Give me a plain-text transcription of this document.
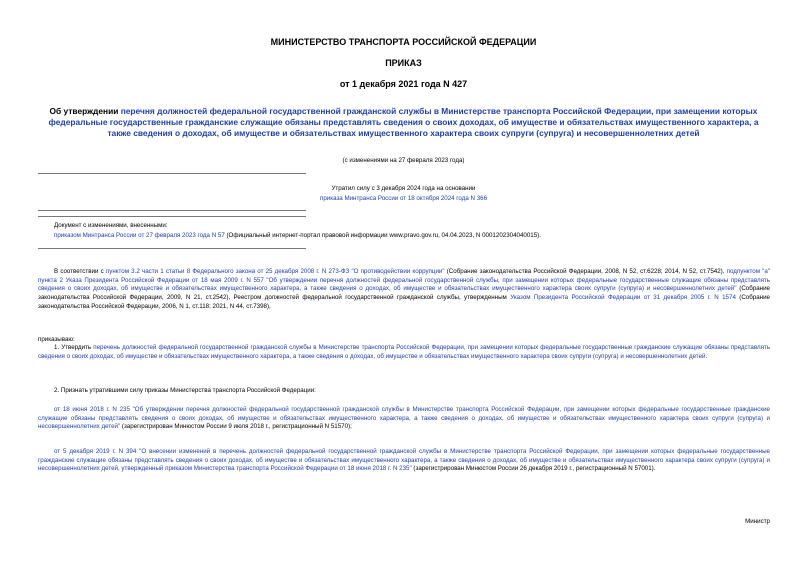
МИНИСТЕРСТВО ТРАНСПОРТА РОССИЙСКОЙ ФЕДЕРАЦИИ
ПРИКАЗ
от 1 декабря 2021 года N 427
Об утверждении перечня должностей федеральной государственной гражданской службы в Министерстве транспорта Российской Федерации, при замещении которых федеральные государственные гражданские служащие обязаны представлять сведения о своих доходах, об имуществе и обязательствах имущественного характера, а также сведения о доходах, об имуществе и обязательствах имущественного характера своих супруги (супруга) и несовершеннолетних детей
(с изменениями на 27 февраля 2023 года)
Утратил силу с 3 декабря 2024 года на основании
приказа Минтранса России от 18 октября 2024 года N 366
Документ с изменениями, внесенными:
приказом Минтранса России от 27 февраля 2023 года N 57 (Официальный интернет-портал правовой информации www.pravo.gov.ru, 04.04.2023, N 0001202304040015).
В соответствии с пунктом 3.2 части 1 статьи 8 Федерального закона от 25 декабря 2008 г. N 273-ФЗ "О противодействии коррупции" (Собрание законодательства Российской Федерации, 2008, N 52, ст.6228; 2014, N 52, ст.7542), подпунктом "а" пункта 2 Указа Президента Российской Федерации от 18 мая 2009 г. N 557 "Об утверждении перечня должностей федеральной государственной службы, при замещении которых федеральные государственные служащие обязаны представлять сведения о своих доходах, об имуществе и обязательствах имущественного характера, а также сведения о доходах, об имуществе и обязательствах имущественного характера своих супруги (супруга) и несовершеннолетних детей" (Собрание законодательства Российской Федерации, 2009, N 21, ст.2542), Реестром должностей федеральной государственной гражданской службы, утвержденным Указом Президента Российской Федерации от 31 декабря 2005 г. N 1574 (Собрание законодательства Российской Федерации, 2006, N 1, ст.118; 2021, N 44, ст.7398),
приказываю:
1. Утвердить перечень должностей федеральной государственной гражданской службы в Министерстве транспорта Российской Федерации, при замещении которых федеральные государственные гражданские служащие обязаны представлять сведения о своих доходах, об имуществе и обязательствах имущественного характера, а также сведения о доходах, об имуществе и обязательствах имущественного характера своих супруги (супруга) и несовершеннолетних детей.
2. Признать утратившими силу приказы Министерства транспорта Российской Федерации:
от 18 июня 2018 г. N 235 "Об утверждении перечня должностей федеральной государственной гражданской службы в Министерстве транспорта Российской Федерации, при замещении которых федеральные государственные гражданские служащие обязаны представлять сведения о своих доходах, об имуществе и обязательствах имущественного характера, а также сведения о доходах, об имуществе и обязательствах имущественного характера своих супруги (супруга) и несовершеннолетних детей" (зарегистрирован Минюстом России 9 июля 2018 г., регистрационный N 51570);
от 5 декабря 2019 г. N 394 "О внесении изменений в перечень должностей федеральной государственной гражданской службы в Министерстве транспорта Российской Федерации, при замещении которых федеральные государственные гражданские служащие обязаны представлять сведения о своих доходах, об имуществе и обязательствах имущественного характера, а также сведения о доходах, об имуществе и обязательствах имущественного характера своих супруги (супруга) и несовершеннолетних детей, утвержденный приказом Министерства транспорта Российской Федерации от 18 июня 2018 г. N 235" (зарегистрирован Минюстом России 26 декабря 2019 г., регистрационный N 57001).
Министр
